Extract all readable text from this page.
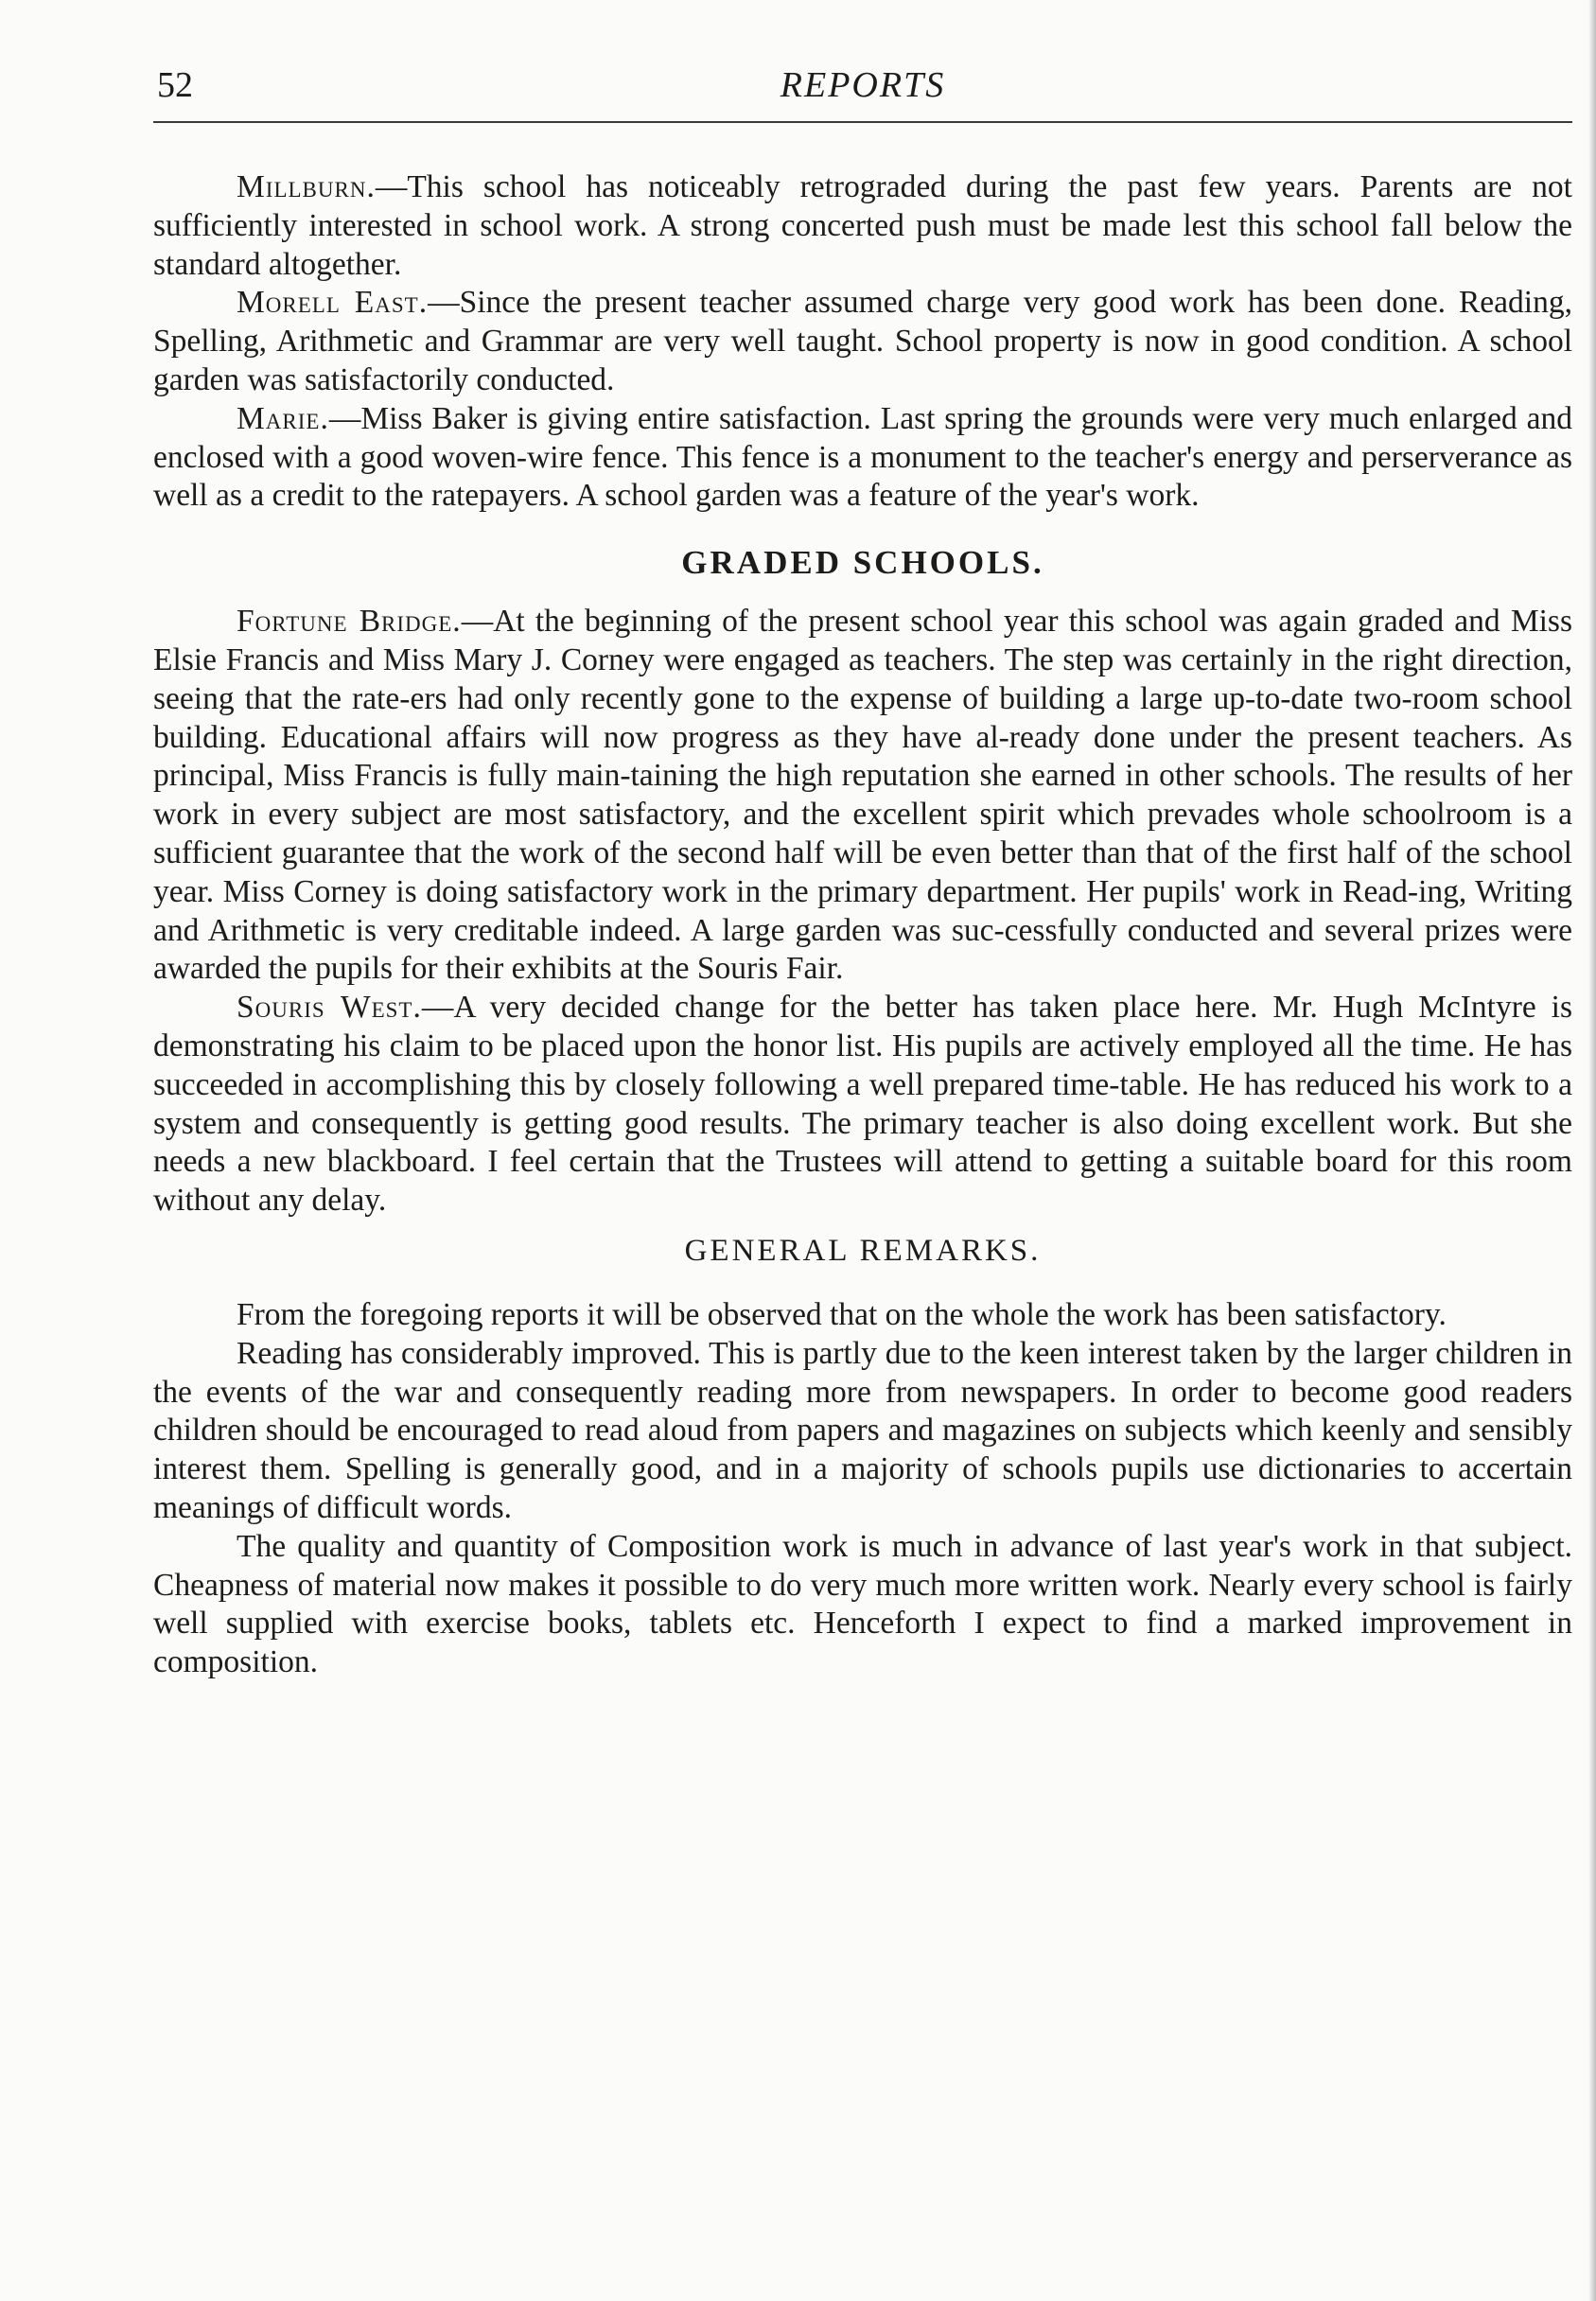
52	REPORTS

Millburn.—This school has noticeably retrograded during the past few years. Parents are not sufficiently interested in school work. A strong concerted push must be made lest this school fall below the standard altogether.

Morell East.—Since the present teacher assumed charge very good work has been done. Reading, Spelling, Arithmetic and Grammar are very well taught. School property is now in good condition. A school garden was satisfactorily conducted.

Marie.—Miss Baker is giving entire satisfaction. Last spring the grounds were very much enlarged and enclosed with a good woven-wire fence. This fence is a monument to the teacher's energy and perserverance as well as a credit to the ratepayers. A school garden was a feature of the year's work.

GRADED SCHOOLS.

Fortune Bridge.—At the beginning of the present school year this school was again graded and Miss Elsie Francis and Miss Mary J. Corney were engaged as teachers. The step was certainly in the right direction, seeing that the rate-ers had only recently gone to the expense of building a large up-to-date two-room school building. Educational affairs will now progress as they have al-ready done under the present teachers. As principal, Miss Francis is fully main-taining the high reputation she earned in other schools. The results of her work in every subject are most satisfactory, and the excellent spirit which prevades whole schoolroom is a sufficient guarantee that the work of the second half will be even better than that of the first half of the school year. Miss Corney is doing satisfactory work in the primary department. Her pupils' work in Read-ing, Writing and Arithmetic is very creditable indeed. A large garden was suc-cessfully conducted and several prizes were awarded the pupils for their exhibits at the Souris Fair.

Souris West.—A very decided change for the better has taken place here. Mr. Hugh McIntyre is demonstrating his claim to be placed upon the honor list. His pupils are actively employed all the time. He has succeeded in accomplishing this by closely following a well prepared time-table. He has reduced his work to a system and consequently is getting good results. The primary teacher is also doing excellent work. But she needs a new blackboard. I feel certain that the Trustees will attend to getting a suitable board for this room without any delay.

GENERAL REMARKS.

From the foregoing reports it will be observed that on the whole the work has been satisfactory.

Reading has considerably improved. This is partly due to the keen interest taken by the larger children in the events of the war and consequently reading more from newspapers. In order to become good readers children should be encouraged to read aloud from papers and magazines on subjects which keenly and sensibly interest them. Spelling is generally good, and in a majority of schools pupils use dictionaries to accertain meanings of difficult words.

The quality and quantity of Composition work is much in advance of last year's work in that subject. Cheapness of material now makes it possible to do very much more written work. Nearly every school is fairly well supplied with exercise books, tablets etc. Henceforth I expect to find a marked improvement in composition.
